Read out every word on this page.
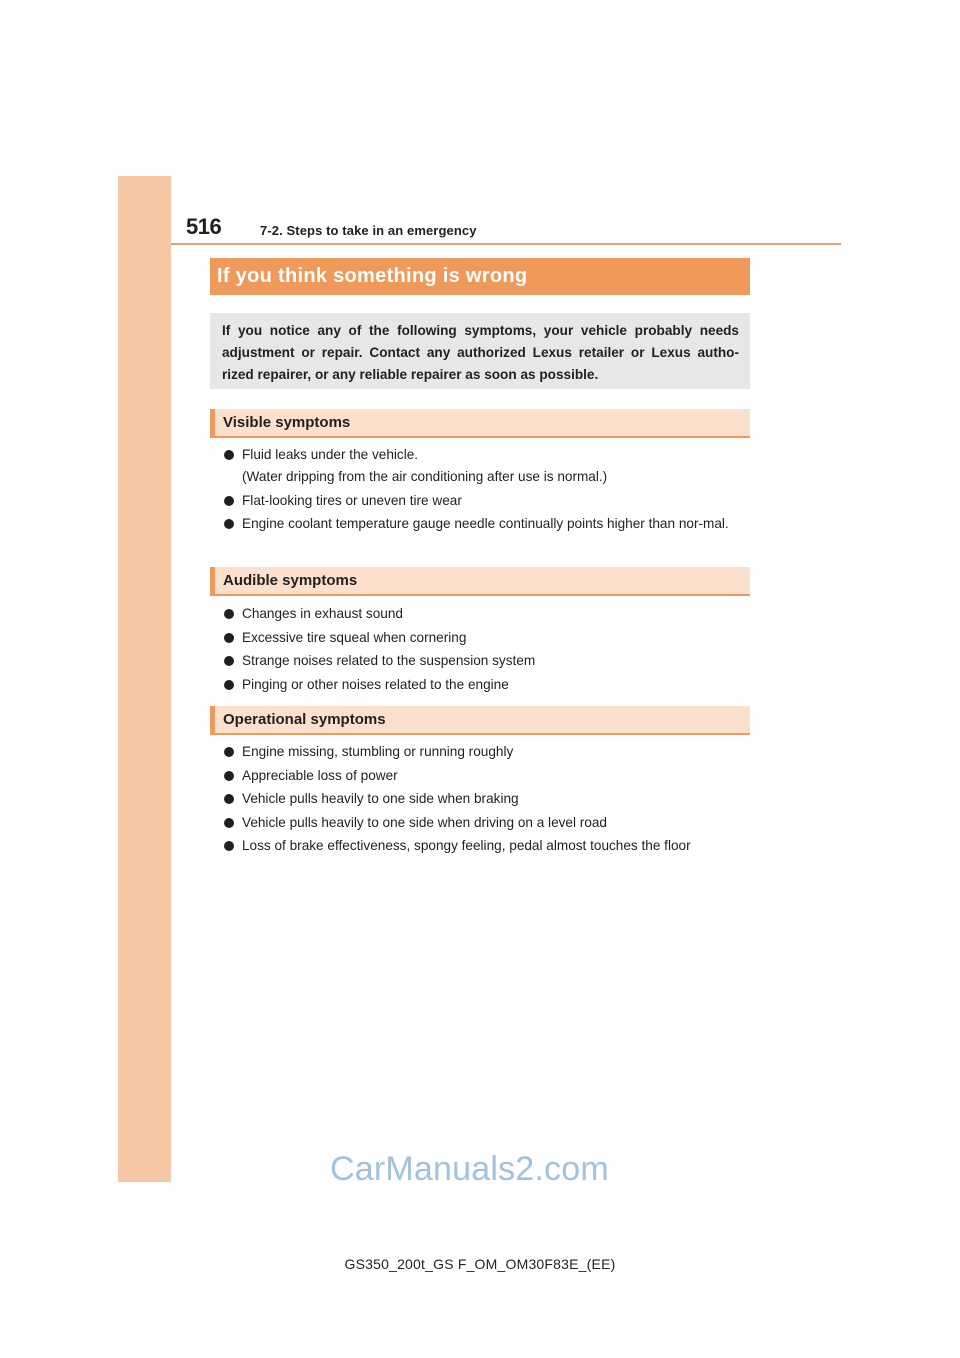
516	7-2. Steps to take in an emergency
If you think something is wrong

If you notice any of the following symptoms, your vehicle probably needs adjustment or repair. Contact any authorized Lexus retailer or Lexus autho-rized repairer, or any reliable repairer as soon as possible.

Visible symptoms
Fluid leaks under the vehicle.
(Water dripping from the air conditioning after use is normal.)
Flat-looking tires or uneven tire wear
Engine coolant temperature gauge needle continually points higher than nor-mal.
Audible symptoms
Changes in exhaust sound
Excessive tire squeal when cornering
Strange noises related to the suspension system
Pinging or other noises related to the engine
Operational symptoms
Engine missing, stumbling or running roughly
Appreciable loss of power
Vehicle pulls heavily to one side when braking
Vehicle pulls heavily to one side when driving on a level road
Loss of brake effectiveness, spongy feeling, pedal almost touches the floor
CarManuals2.com
GS350_200t_GS F_OM_OM30F83E_(EE)
